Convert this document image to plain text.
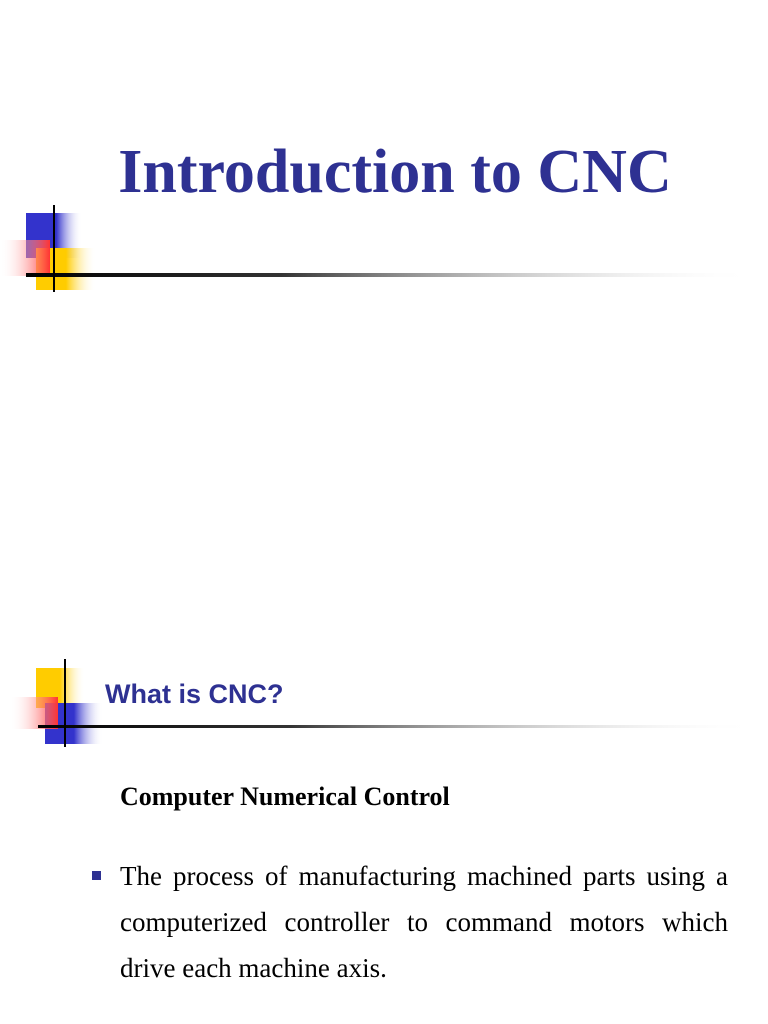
Introduction to CNC
What is CNC?

Computer Numerical Control

The process of manufacturing machined parts using a computerized controller to command motors which drive each machine axis.
